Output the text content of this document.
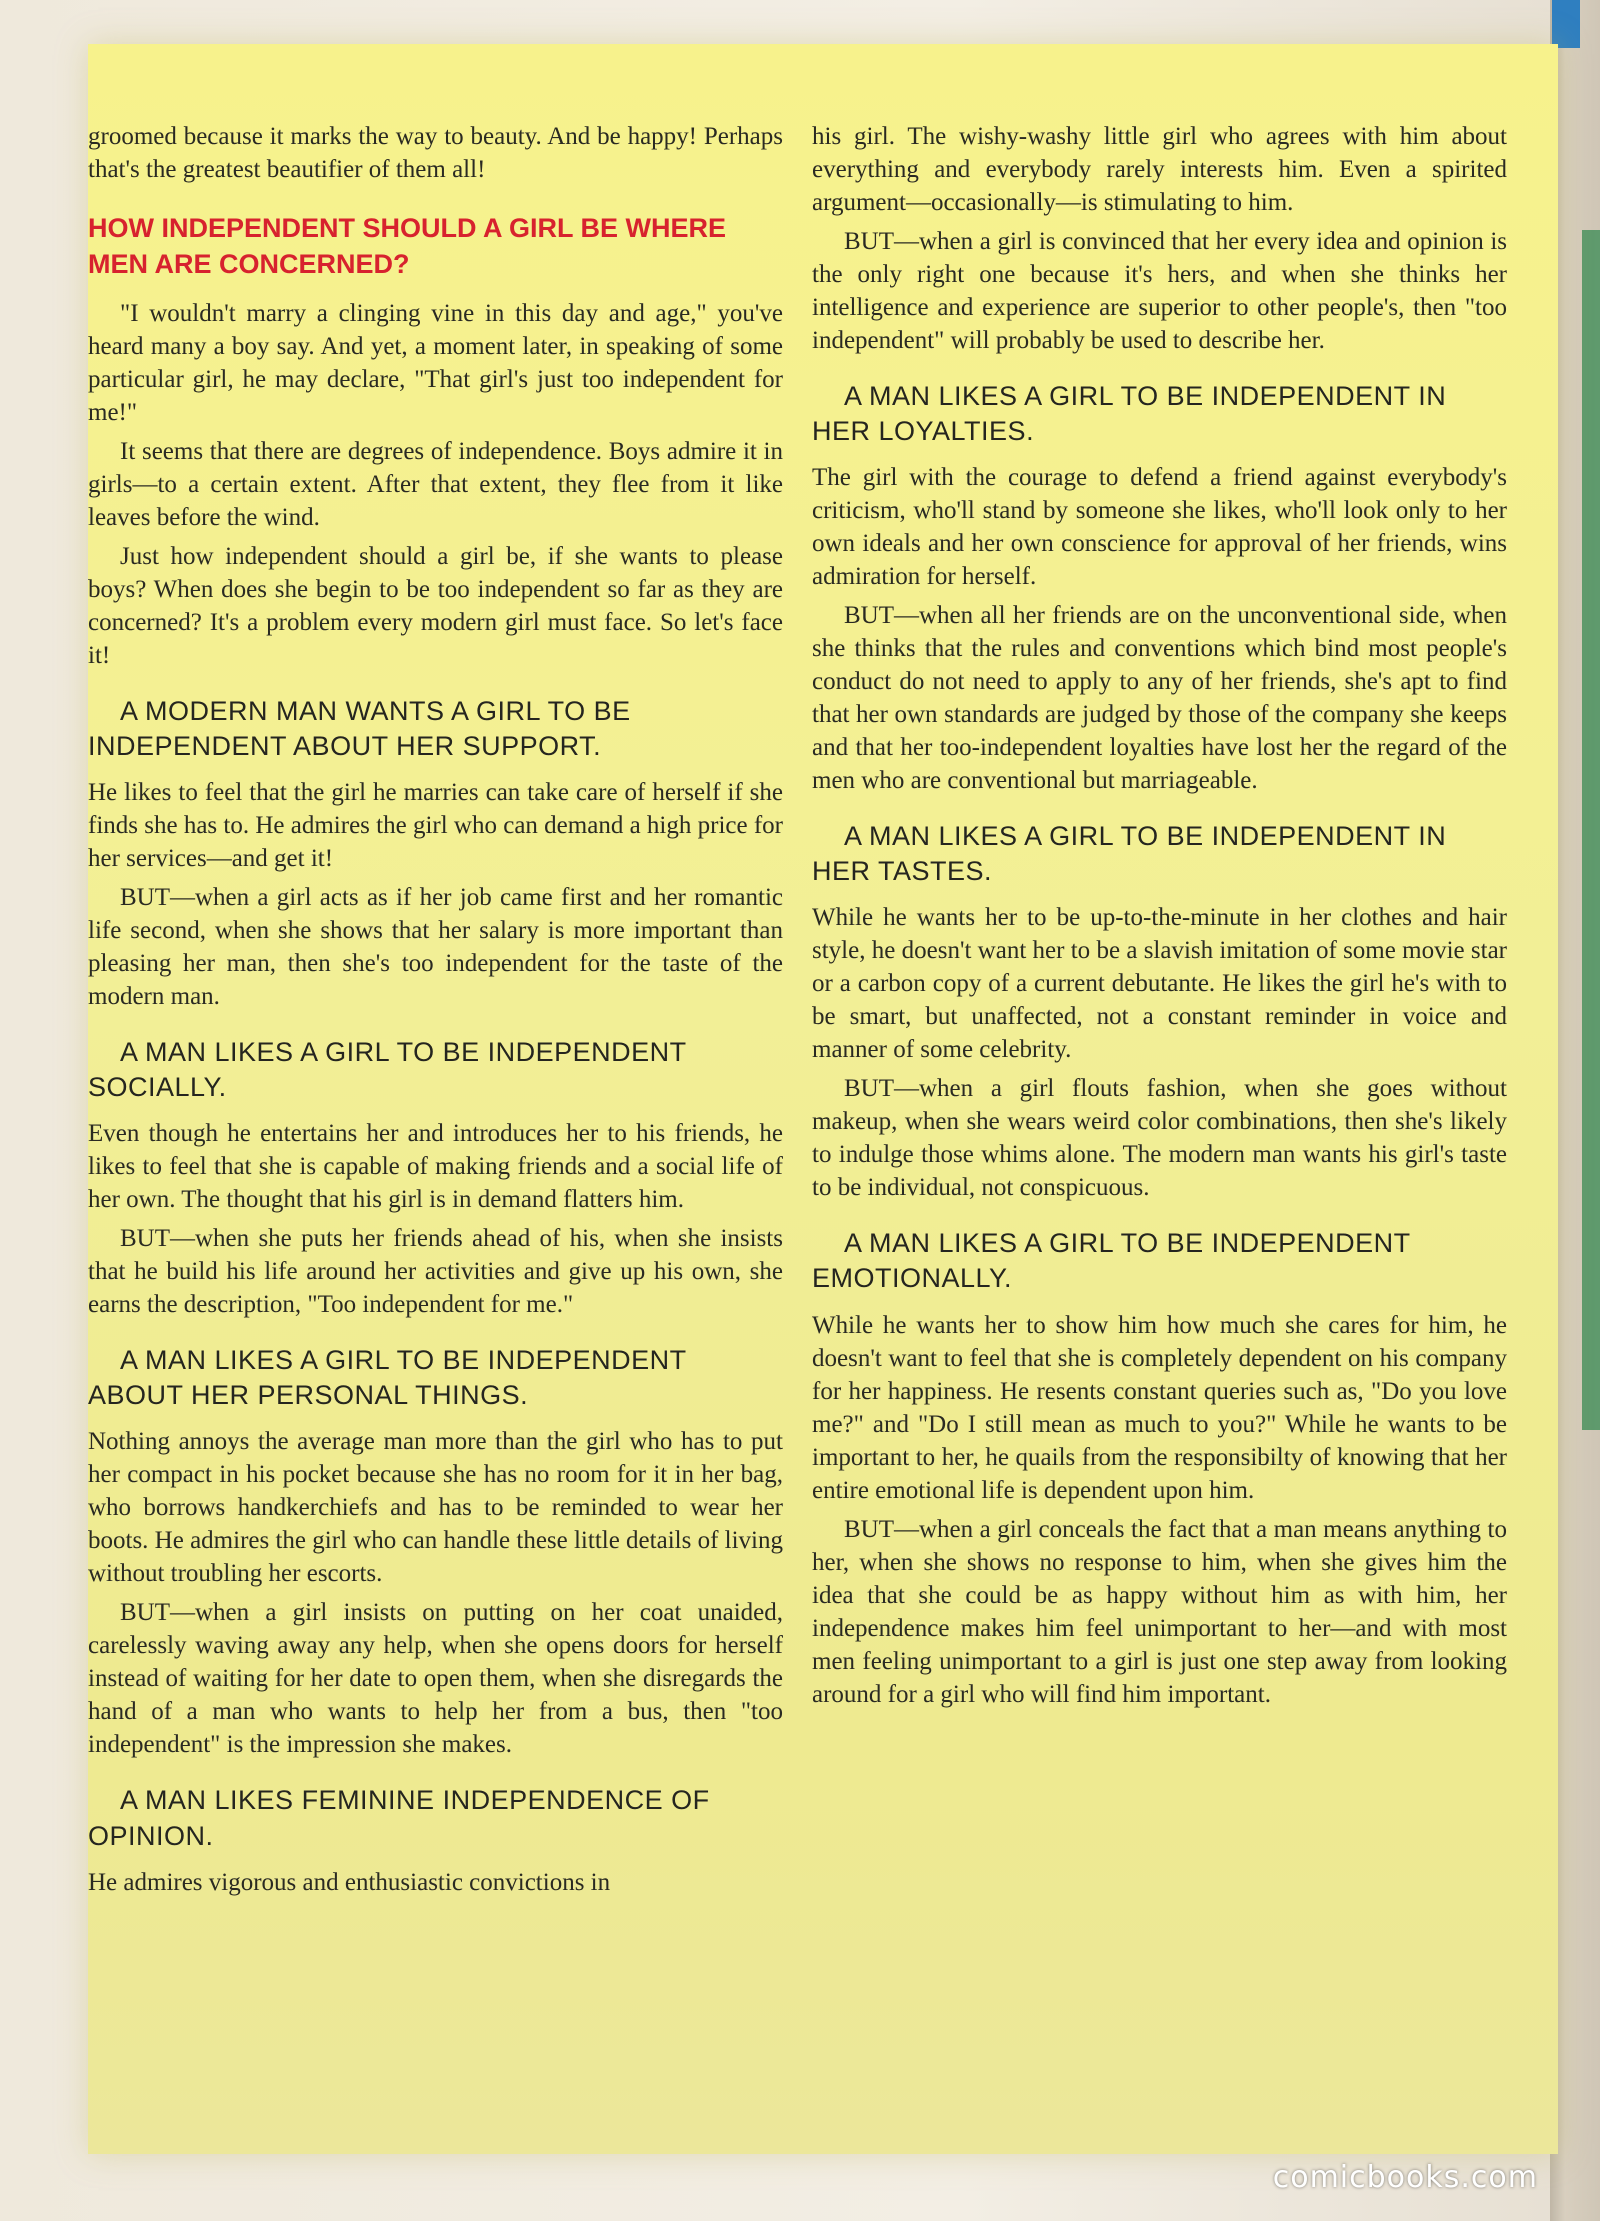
groomed because it marks the way to beauty. And be happy! Perhaps that's the greatest beautifier of them all!

HOW INDEPENDENT SHOULD A GIRL BE WHERE MEN ARE CONCERNED?

"I wouldn't marry a clinging vine in this day and age," you've heard many a boy say. And yet, a moment later, in speaking of some particular girl, he may declare, "That girl's just too independent for me!"

It seems that there are degrees of independence. Boys admire it in girls—to a certain extent. After that extent, they flee from it like leaves before the wind.

Just how independent should a girl be, if she wants to please boys? When does she begin to be too independent so far as they are concerned? It's a problem every modern girl must face. So let's face it!

A MODERN MAN WANTS A GIRL TO BE INDEPENDENT ABOUT HER SUPPORT.

He likes to feel that the girl he marries can take care of herself if she finds she has to. He admires the girl who can demand a high price for her services—and get it!

BUT—when a girl acts as if her job came first and her romantic life second, when she shows that her salary is more important than pleasing her man, then she's too independent for the taste of the modern man.

A MAN LIKES A GIRL TO BE INDEPENDENT SOCIALLY.

Even though he entertains her and introduces her to his friends, he likes to feel that she is capable of making friends and a social life of her own. The thought that his girl is in demand flatters him.

BUT—when she puts her friends ahead of his, when she insists that he build his life around her activities and give up his own, she earns the description, "Too independent for me."

A MAN LIKES A GIRL TO BE INDEPENDENT ABOUT HER PERSONAL THINGS.

Nothing annoys the average man more than the girl who has to put her compact in his pocket because she has no room for it in her bag, who borrows handkerchiefs and has to be reminded to wear her boots. He admires the girl who can handle these little details of living without troubling her escorts.

BUT—when a girl insists on putting on her coat unaided, carelessly waving away any help, when she opens doors for herself instead of waiting for her date to open them, when she disregards the hand of a man who wants to help her from a bus, then "too independent" is the impression she makes.

A MAN LIKES FEMININE INDEPENDENCE OF OPINION.

He admires vigorous and enthusiastic convictions in

his girl. The wishy-washy little girl who agrees with him about everything and everybody rarely interests him. Even a spirited argument—occasionally—is stimulating to him.

BUT—when a girl is convinced that her every idea and opinion is the only right one because it's hers, and when she thinks her intelligence and experience are superior to other people's, then "too independent" will probably be used to describe her.

A MAN LIKES A GIRL TO BE INDEPENDENT IN HER LOYALTIES.

The girl with the courage to defend a friend against everybody's criticism, who'll stand by someone she likes, who'll look only to her own ideals and her own conscience for approval of her friends, wins admiration for herself.

BUT—when all her friends are on the unconventional side, when she thinks that the rules and conventions which bind most people's conduct do not need to apply to any of her friends, she's apt to find that her own standards are judged by those of the company she keeps and that her too-independent loyalties have lost her the regard of the men who are conventional but marriageable.

A MAN LIKES A GIRL TO BE INDEPENDENT IN HER TASTES.

While he wants her to be up-to-the-minute in her clothes and hair style, he doesn't want her to be a slavish imitation of some movie star or a carbon copy of a current debutante. He likes the girl he's with to be smart, but unaffected, not a constant reminder in voice and manner of some celebrity.

BUT—when a girl flouts fashion, when she goes without makeup, when she wears weird color combinations, then she's likely to indulge those whims alone. The modern man wants his girl's taste to be individual, not conspicuous.

A MAN LIKES A GIRL TO BE INDEPENDENT EMOTIONALLY.

While he wants her to show him how much she cares for him, he doesn't want to feel that she is completely dependent on his company for her happiness. He resents constant queries such as, "Do you love me?" and "Do I still mean as much to you?" While he wants to be important to her, he quails from the responsibilty of knowing that her entire emotional life is dependent upon him.

BUT—when a girl conceals the fact that a man means anything to her, when she shows no response to him, when she gives him the idea that she could be as happy without him as with him, her independence makes him feel unimportant to her—and with most men feeling unimportant to a girl is just one step away from looking around for a girl who will find him important.

comicbooks.com
